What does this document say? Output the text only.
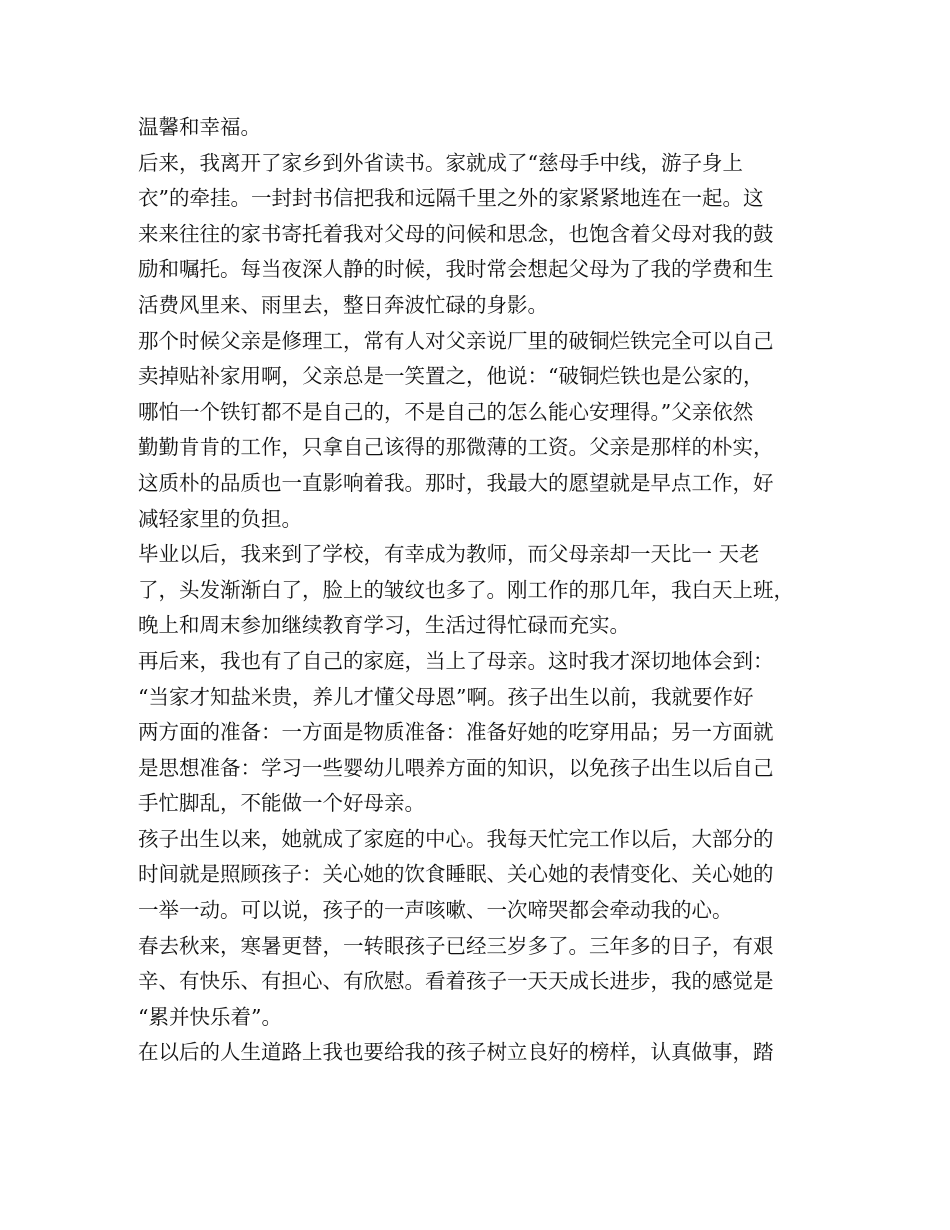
温馨和幸福。
后来，我离开了家乡到外省读书。家就成了“慈母手中线，游子身上
衣”的牵挂。一封封书信把我和远隔千里之外的家紧紧地连在一起。这
来来往往的家书寄托着我对父母的问候和思念，也饱含着父母对我的鼓
励和嘱托。每当夜深人静的时候，我时常会想起父母为了我的学费和生
活费风里来、雨里去，整日奔波忙碌的身影。
那个时候父亲是修理工，常有人对父亲说厂里的破铜烂铁完全可以自己
卖掉贴补家用啊，父亲总是一笑置之，他说：“破铜烂铁也是公家的，
哪怕一个铁钉都不是自己的，不是自己的怎么能心安理得。”父亲依然
勤勤肯肯的工作，只拿自己该得的那微薄的工资。父亲是那样的朴实，
这质朴的品质也一直影响着我。那时，我最大的愿望就是早点工作，好
减轻家里的负担。
毕业以后，我来到了学校，有幸成为教师，而父母亲却一天比一 天老
了，头发渐渐白了，脸上的皱纹也多了。刚工作的那几年，我白天上班，
晚上和周末参加继续教育学习，生活过得忙碌而充实。
再后来，我也有了自己的家庭，当上了母亲。这时我才深切地体会到：
“当家才知盐米贵，养儿才懂父母恩”啊。孩子出生以前，我就要作好
两方面的准备：一方面是物质准备：准备好她的吃穿用品；另一方面就
是思想准备：学习一些婴幼儿喂养方面的知识，以免孩子出生以后自己
手忙脚乱，不能做一个好母亲。
孩子出生以来，她就成了家庭的中心。我每天忙完工作以后，大部分的
时间就是照顾孩子：关心她的饮食睡眠、关心她的表情变化、关心她的
一举一动。可以说，孩子的一声咳嗽、一次啼哭都会牵动我的心。
春去秋来，寒暑更替，一转眼孩子已经三岁多了。三年多的日子，有艰
辛、有快乐、有担心、有欣慰。看着孩子一天天成长进步，我的感觉是
“累并快乐着”。
在以后的人生道路上我也要给我的孩子树立良好的榜样，认真做事，踏
